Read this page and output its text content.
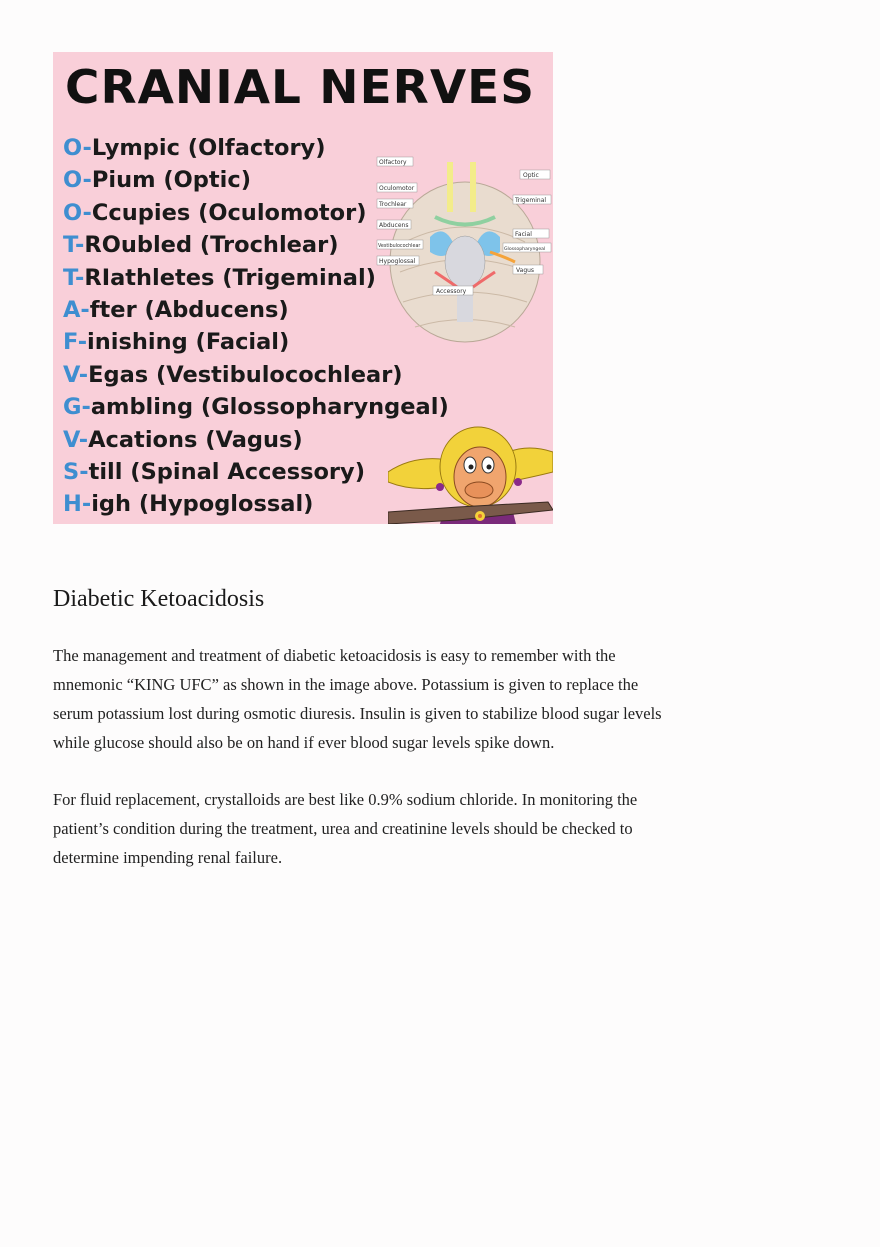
CRANIAL NERVES
O-Lympic (Olfactory)
O-Pium (Optic)
O-Ccupies (Oculomotor)
T-ROubled (Trochlear)
T-RIathletes (Trigeminal)
A-fter (Abducens)
F-inishing (Facial)
V-Egas (Vestibulocochlear)
G-ambling (Glossopharyngeal)
V-Acations (Vagus)
S-till (Spinal Accessory)
H-igh (Hypoglossal)
Olfactory
Optic
Oculomotor
Trochlear
Trigeminal
Abducens
Facial
Vestibulocochlear
Glossopharyngeal
Hypoglossal
Vagus
Accessory
Diabetic Ketoacidosis

The management and treatment of diabetic ketoacidosis is easy to remember with the mnemonic “KING UFC” as shown in the image above. Potassium is given to replace the serum potassium lost during osmotic diuresis. Insulin is given to stabilize blood sugar levels while glucose should also be on hand if ever blood sugar levels spike down.

For fluid replacement, crystalloids are best like 0.9% sodium chloride. In monitoring the patient’s condition during the treatment, urea and creatinine levels should be checked to determine impending renal failure.
